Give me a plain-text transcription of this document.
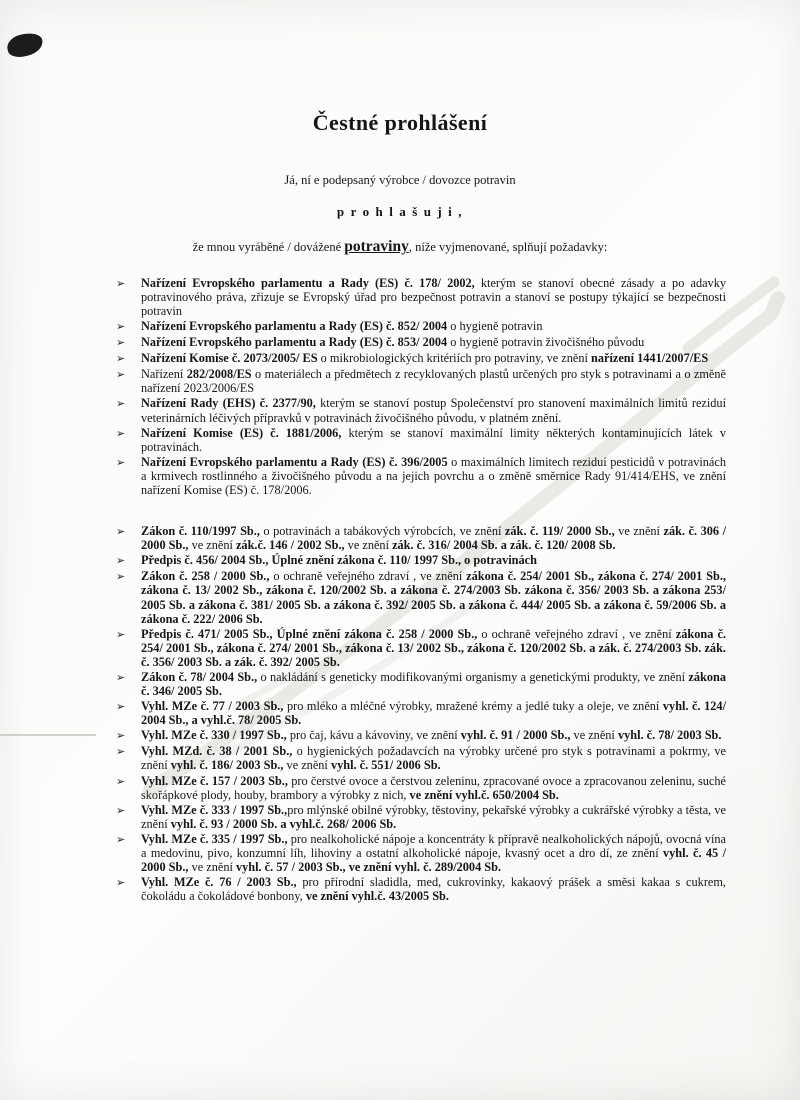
Čestné prohlášení

Já, ní e podepsaný výrobce / dovozce potravin

p r o h l a š u j i ,

že mnou vyráběné / dovážené potraviny, níže vyjmenované, splňují požadavky:

➢	Nařízení Evropského parlamentu a Rady (ES) č. 178/ 2002, kterým se stanoví obecné zásady a po adavky potravinového práva, zřizuje se Evropský úřad pro bezpečnost potravin a stanoví se postupy týkající se bezpečnosti potravin
➢	Nařízení Evropského parlamentu a Rady (ES) č. 852/ 2004 o hygieně potravin
➢	Nařízení Evropského parlamentu a Rady (ES) č. 853/ 2004 o hygieně potravin živočišného původu
➢	Nařízení Komise č. 2073/2005/ ES o mikrobiologických kritériích pro potraviny, ve znění nařízení 1441/2007/ES
➢	Nařízení 282/2008/ES o materiálech a předmětech z recyklovaných plastů určených pro styk s potravinami a o změně nařízení 2023/2006/ES
➢	Nařízení Rady (EHS) č. 2377/90, kterým se stanoví postup Společenství pro stanovení maximálních limitů reziduí veterinárních léčivých přípravků v potravinách živočišného původu, v platném znění.
➢	Nařízení Komise (ES) č. 1881/2006, kterým se stanoví maximální limity některých kontaminujících látek v potravinách.
➢	Nařízení Evropského parlamentu a Rady (ES) č. 396/2005 o maximálních limitech reziduí pesticidů v potravinách a krmivech rostlinného a živočišného původu a na jejich povrchu a o změně směrnice Rady 91/414/EHS, ve znění nařízení Komise (ES) č. 178/2006.
➢	Zákon č. 110/1997 Sb., o potravinách a tabákových výrobcích, ve znění zák. č. 119/ 2000 Sb., ve znění zák. č. 306 / 2000 Sb., ve znění zák.č. 146 / 2002 Sb., ve znění zák. č. 316/ 2004 Sb. a zák. č. 120/ 2008 Sb.
➢	Předpis č. 456/ 2004 Sb., Úplné znění zákona č. 110/ 1997 Sb., o potravinách
➢	Zákon č. 258 / 2000 Sb., o ochraně veřejného zdraví , ve znění zákona č. 254/ 2001 Sb., zákona č. 274/ 2001 Sb., zákona č. 13/ 2002 Sb., zákona č. 120/2002 Sb. a zákona č. 274/2003 Sb. zákona č. 356/ 2003 Sb. a zákona 253/ 2005 Sb. a zákona č. 381/ 2005 Sb. a zákona č. 392/ 2005 Sb. a zákona č. 444/ 2005 Sb. a zákona č. 59/2006 Sb. a zákona č. 222/ 2006 Sb.
➢	Předpis č. 471/ 2005 Sb., Úplné znění zákona č. 258 / 2000 Sb., o ochraně veřejného zdraví , ve znění zákona č. 254/ 2001 Sb., zákona č. 274/ 2001 Sb., zákona č. 13/ 2002 Sb., zákona č. 120/2002 Sb. a zák. č. 274/2003 Sb. zák. č. 356/ 2003 Sb. a zák. č. 392/ 2005 Sb.
➢	Zákon č. 78/ 2004 Sb., o nakládání s geneticky modifikovanými organismy a genetickými produkty, ve znění zákona č. 346/ 2005 Sb.
➢	Vyhl. MZe č. 77 / 2003 Sb., pro mléko a mléčné výrobky, mražené krémy a jedlé tuky a oleje, ve znění vyhl. č. 124/ 2004 Sb., a vyhl.č. 78/ 2005 Sb.
➢	Vyhl. MZe č. 330 / 1997 Sb., pro čaj, kávu a kávoviny, ve znění vyhl. č. 91 / 2000 Sb., ve znění vyhl. č. 78/ 2003 Sb.
➢	Vyhl. MZd. č. 38 / 2001 Sb., o hygienických požadavcích na výrobky určené pro styk s potravinami a pokrmy, ve znění vyhl. č. 186/ 2003 Sb., ve znění vyhl. č. 551/ 2006 Sb.
➢	Vyhl. MZe č. 157 / 2003 Sb., pro čerstvé ovoce a čerstvou zeleninu, zpracované ovoce a zpracovanou zeleninu, suché skořápkové plody, houby, brambory a výrobky z nich, ve znění vyhl.č. 650/2004 Sb.
➢	Vyhl. MZe č. 333 / 1997 Sb.,pro mlýnské obilné výrobky, těstoviny, pekařské výrobky a cukrářské výrobky a těsta, ve znění vyhl. č. 93 / 2000 Sb. a vyhl.č. 268/ 2006 Sb.
➢	Vyhl. MZe č. 335 / 1997 Sb., pro nealkoholické nápoje a koncentráty k přípravě nealkoholických nápojů, ovocná vína a medovinu, pivo, konzumní líh, lihoviny a ostatní alkoholické nápoje, kvasný ocet a dro dí, ze znění vyhl. č. 45 / 2000 Sb., ve znění vyhl. č. 57 / 2003 Sb., ve znění vyhl. č. 289/2004 Sb.
➢	Vyhl. MZe č. 76 / 2003 Sb., pro přírodní sladidla, med, cukrovinky, kakaový prášek a směsi kakaa s cukrem, čokoládu a čokoládové bonbony, ve znění vyhl.č. 43/2005 Sb.
